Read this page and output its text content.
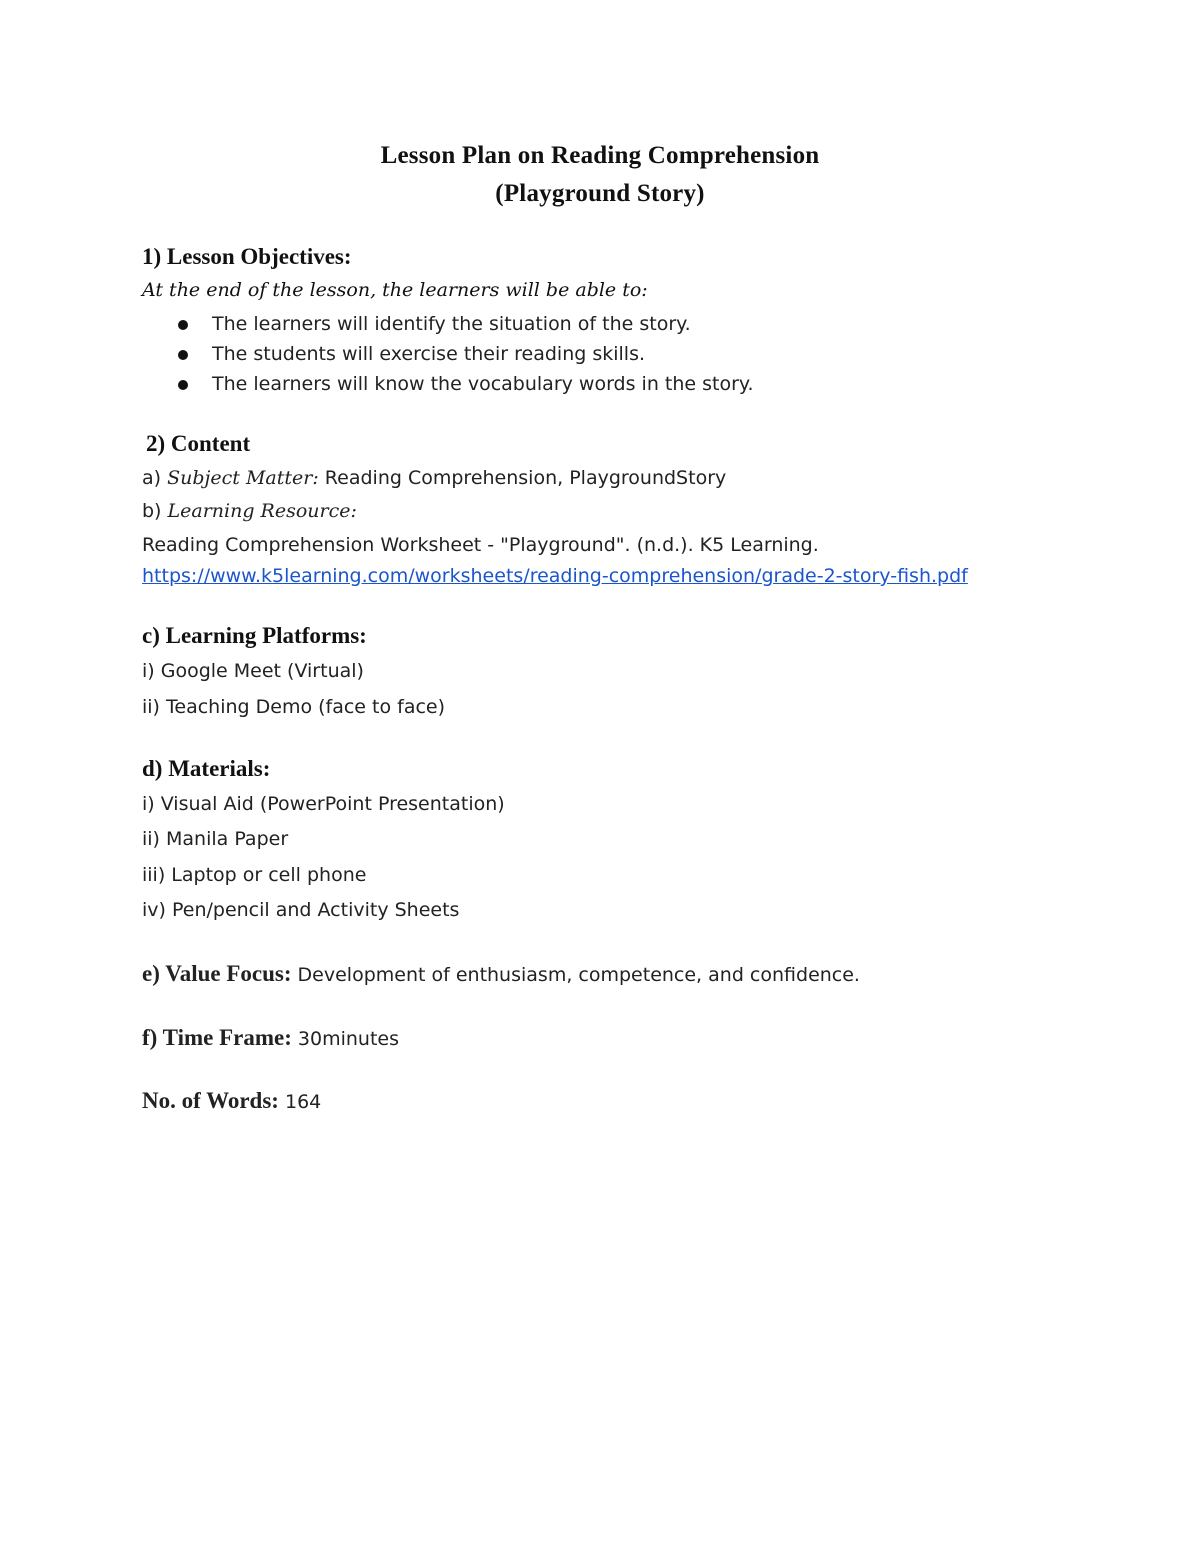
Lesson Plan on Reading Comprehension
(Playground Story)
1) Lesson Objectives:
At the end of the lesson, the learners will be able to:
The learners will identify the situation of the story.
The students will exercise their reading skills.
The learners will know the vocabulary words in the story.
2) Content
a) Subject Matter: Reading Comprehension, PlaygroundStory
b) Learning Resource:
Reading Comprehension Worksheet - "Playground". (n.d.). K5 Learning.
https://www.k5learning.com/worksheets/reading-comprehension/grade-2-story-fish.pdf
c) Learning Platforms:
i) Google Meet (Virtual)
ii) Teaching Demo (face to face)
d) Materials:
i) Visual Aid (PowerPoint Presentation)
ii) Manila Paper
iii) Laptop or cell phone
iv) Pen/pencil and Activity Sheets
e) Value Focus: Development of enthusiasm, competence, and confidence.
f) Time Frame: 30minutes
No. of Words: 164
